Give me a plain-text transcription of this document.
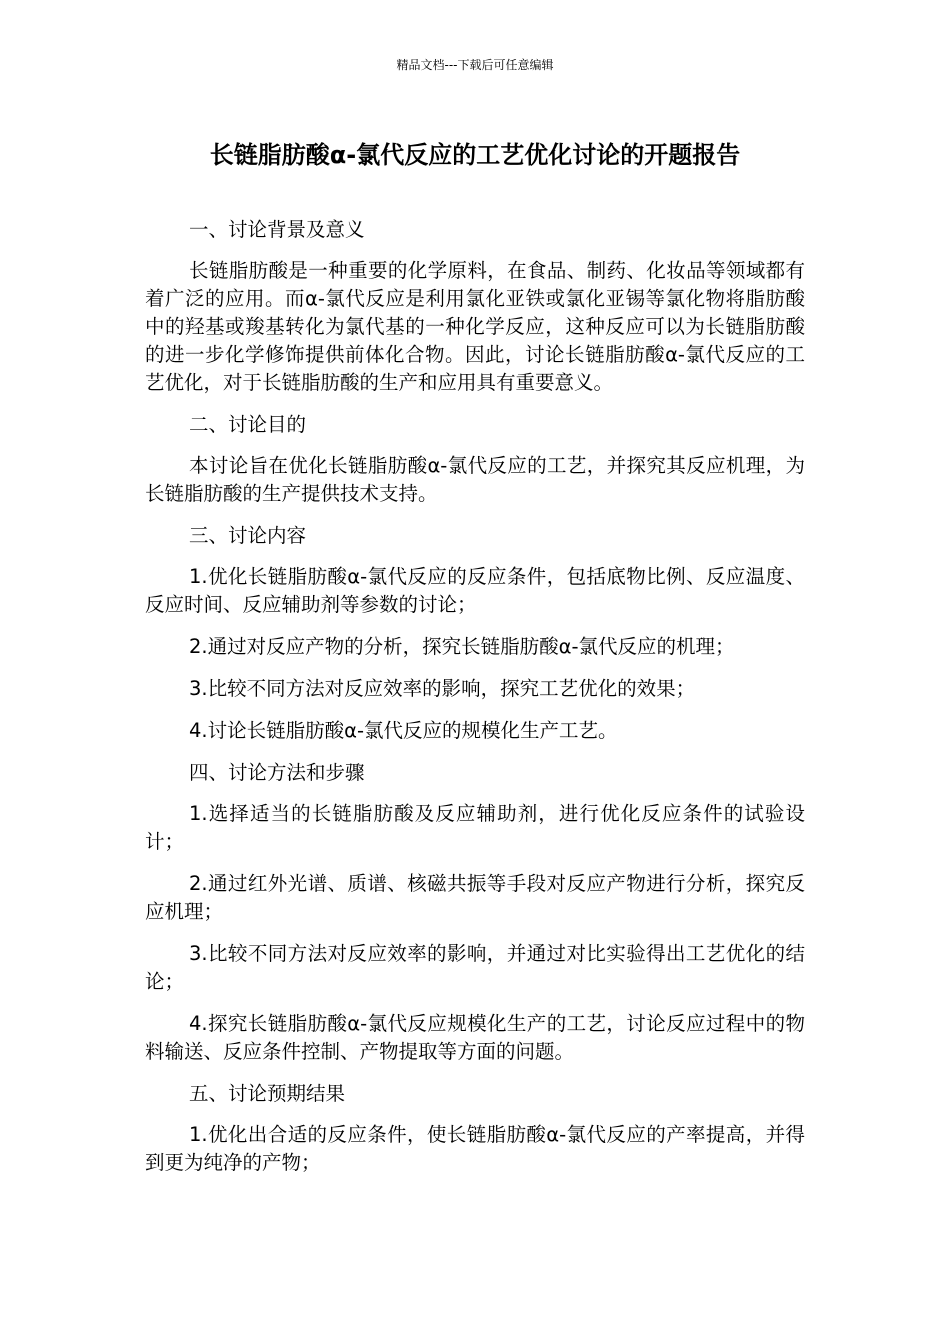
精品文档---下载后可任意编辑
长链脂肪酸α-氯代反应的工艺优化讨论的开题报告

一、讨论背景及意义

长链脂肪酸是一种重要的化学原料，在食品、制药、化妆品等领域都有着广泛的应用。而α-氯代反应是利用氯化亚铁或氯化亚锡等氯化物将脂肪酸中的羟基或羧基转化为氯代基的一种化学反应，这种反应可以为长链脂肪酸的进一步化学修饰提供前体化合物。因此，讨论长链脂肪酸α-氯代反应的工艺优化，对于长链脂肪酸的生产和应用具有重要意义。

二、讨论目的

本讨论旨在优化长链脂肪酸α-氯代反应的工艺，并探究其反应机理，为长链脂肪酸的生产提供技术支持。

三、讨论内容

1.优化长链脂肪酸α-氯代反应的反应条件，包括底物比例、反应温度、反应时间、反应辅助剂等参数的讨论；

2.通过对反应产物的分析，探究长链脂肪酸α-氯代反应的机理；

3.比较不同方法对反应效率的影响，探究工艺优化的效果；

4.讨论长链脂肪酸α-氯代反应的规模化生产工艺。

四、讨论方法和步骤

1.选择适当的长链脂肪酸及反应辅助剂，进行优化反应条件的试验设计；

2.通过红外光谱、质谱、核磁共振等手段对反应产物进行分析，探究反应机理；

3.比较不同方法对反应效率的影响，并通过对比实验得出工艺优化的结论；

4.探究长链脂肪酸α-氯代反应规模化生产的工艺，讨论反应过程中的物料输送、反应条件控制、产物提取等方面的问题。

五、讨论预期结果

1.优化出合适的反应条件，使长链脂肪酸α-氯代反应的产率提高，并得到更为纯净的产物；
